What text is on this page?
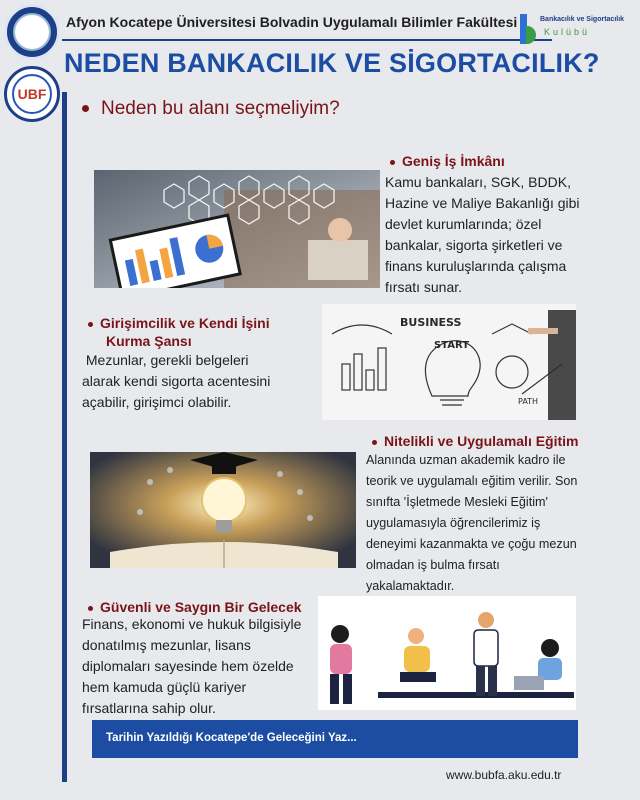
UBF
Afyon Kocatepe Üniversitesi Bolvadin Uygulamalı Bilimler Fakültesi	Bankacılık ve Sigortacılık
Kulübü
NEDEN BANKACILIK VE SİGORTACILIK?
Neden bu alanı seçmeliyim?
Geniş İş İmkânı
Kamu bankaları, SGK, BDDK,
Hazine ve Maliye Bakanlığı gibi
devlet kurumlarında; özel
bankalar, sigorta şirketleri ve
finans kuruluşlarında çalışma
fırsatı sunar.
Girişimcilik ve Kendi İşini
Kurma Şansı
Mezunlar, gerekli belgeleri
alarak kendi sigorta acentesini
açabilir, girişimci olabilir.
BUSINESS
START
PATH
Nitelikli ve Uygulamalı Eğitim
Alanında uzman akademik kadro ile
teorik ve uygulamalı eğitim verilir. Son
sınıfta 'İşletmede Mesleki Eğitim'
uygulamasıyla öğrencilerimiz iş
deneyimi kazanmakta ve çoğu mezun
olmadan iş bulma fırsatı
yakalamaktadır.
Güvenli ve Saygın Bir Gelecek
Finans, ekonomi ve hukuk bilgisiyle
donatılmış mezunlar, lisans
diplomaları sayesinde hem özelde
hem kamuda güçlü kariyer
fırsatlarına sahip olur.
Tarihin Yazıldığı Kocatepe'de Geleceğini Yaz...
www.bubfa.aku.edu.tr
